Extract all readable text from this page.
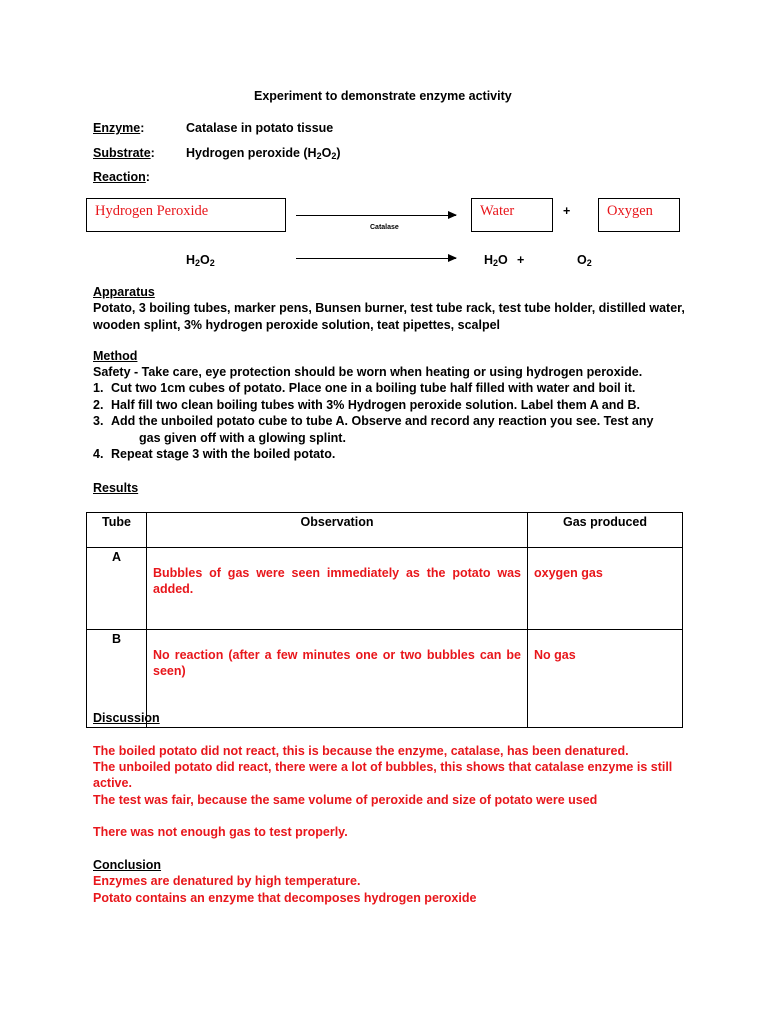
Experiment to demonstrate enzyme activity
Enzyme:	Catalase in potato tissue
Substrate: Hydrogen peroxide $(H_2O_2)$
Reaction:
Hydrogen Peroxide
Catalase
Water	+	Oxygen
$H_2O_2$	$H_2O$ +	$O_2$
Apparatus
Potato, 3 boiling tubes, marker pens, Bunsen burner, test tube rack, test tube holder, distilled water,
wooden splint, 3% hydrogen peroxide solution, teat pipettes, scalpel
Method
Safety - Take care, eye protection should be worn when heating or using hydrogen peroxide.
1. Cut two 1cm cubes of potato. Place one in a boiling tube half filled with water and boil it.
2. Half fill two clean boiling tubes with 3% Hydrogen peroxide solution. Label them A and B.
3. Add the unboiled potato cube to tube A. Observe and record any reaction you see. Test any
gas given off with a glowing splint.
4. Repeat stage 3 with the boiled potato.
Results
Tube	Observation	Gas produced
A	Bubbles of gas were seen immediately as the potato was added.	oxygen gas
B	No reaction (after a few minutes one or two bubbles can be seen)	No gas
Discussion
The boiled potato did not react, this is because the enzyme, catalase, has been denatured.
The unboiled potato did react, there were a lot of bubbles, this shows that catalase enzyme is still
active.
The test was fair, because the same volume of peroxide and size of potato were used
There was not enough gas to test properly.
Conclusion
Enzymes are denatured by high temperature.
Potato contains an enzyme that decomposes hydrogen peroxide
